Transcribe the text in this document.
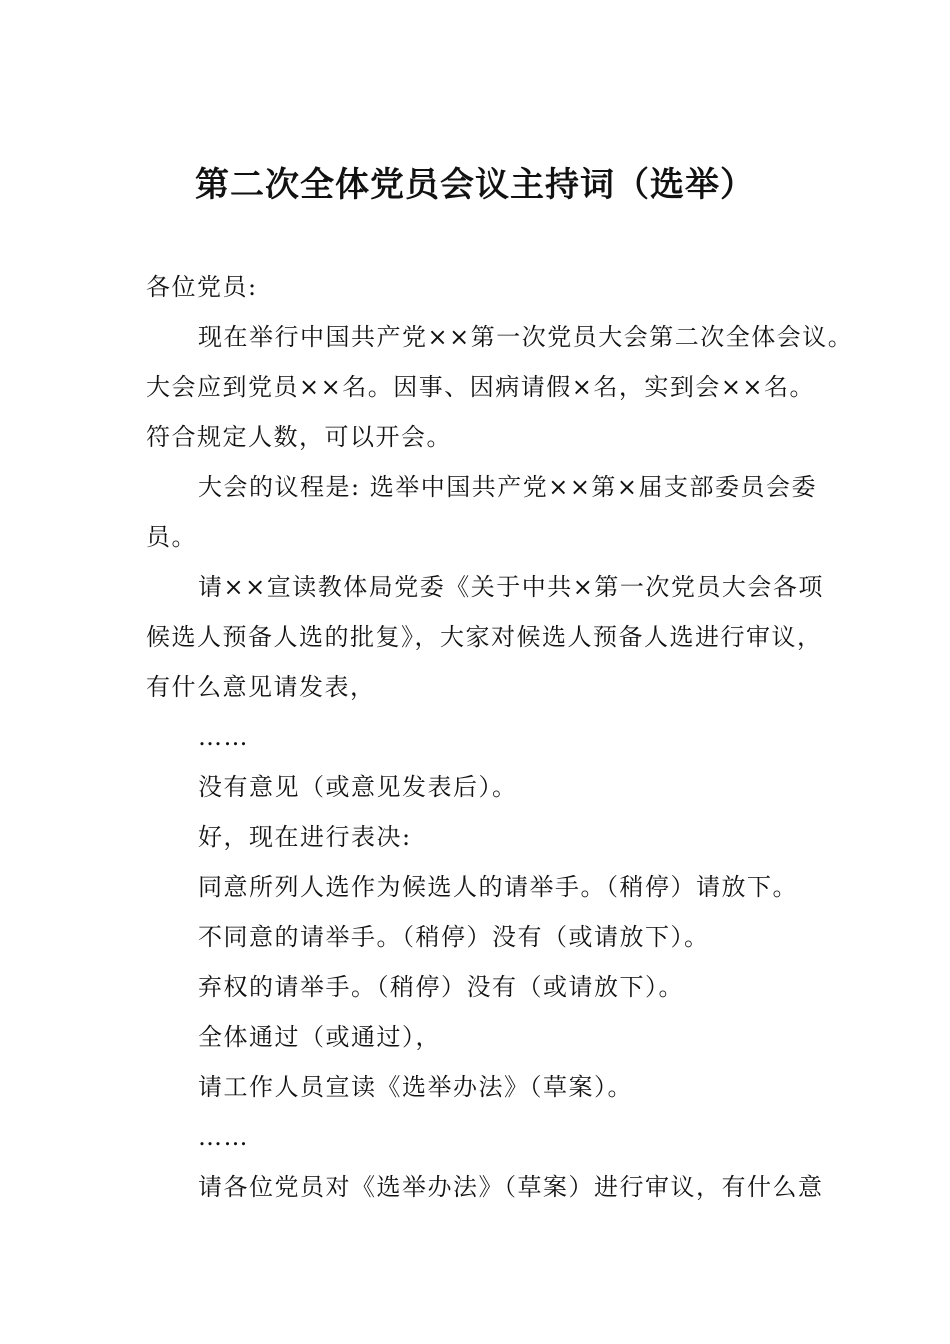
第二次全体党员会议主持词（选举）
各位党员:
现在举行中国共产党××第一次党员大会第二次全体会议。
大会应到党员××名。因事、因病请假×名，实到会××名。
符合规定人数，可以开会。
大会的议程是: 选举中国共产党××第×届支部委员会委
员。
请××宣读教体局党委《关于中共×第一次党员大会各项
候选人预备人选的批复》，大家对候选人预备人选进行审议，
有什么意见请发表，
……
没有意见（或意见发表后）。
好，现在进行表决:
同意所列人选作为候选人的请举手。（稍停）请放下。
不同意的请举手。（稍停）没有（或请放下）。
弃权的请举手。（稍停）没有（或请放下）。
全体通过（或通过），
请工作人员宣读《选举办法》（草案）。
……
请各位党员对《选举办法》（草案）进行审议，有什么意
